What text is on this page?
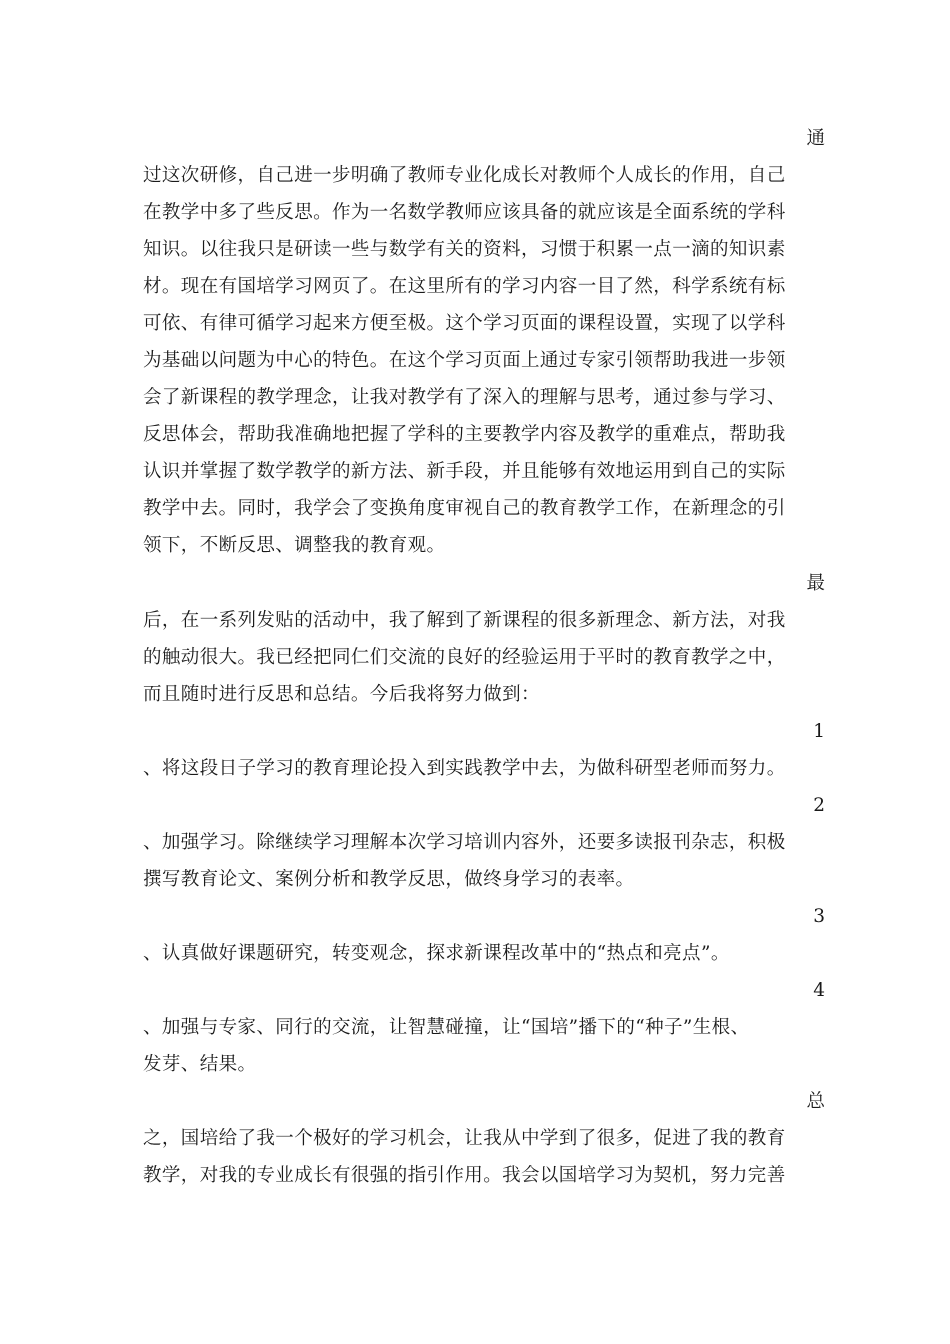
通
过这次研修，自己进一步明确了教师专业化成长对教师个人成长的作用，自己
在教学中多了些反思。作为一名数学教师应该具备的就应该是全面系统的学科
知识。以往我只是研读一些与数学有关的资料，习惯于积累一点一滴的知识素
材。现在有国培学习网页了。在这里所有的学习内容一目了然，科学系统有标
可依、有律可循学习起来方便至极。这个学习页面的课程设置，实现了以学科
为基础以问题为中心的特色。在这个学习页面上通过专家引领帮助我进一步领
会了新课程的教学理念，让我对教学有了深入的理解与思考，通过参与学习、
反思体会，帮助我准确地把握了学科的主要教学内容及教学的重难点，帮助我
认识并掌握了数学教学的新方法、新手段，并且能够有效地运用到自己的实际
教学中去。同时，我学会了变换角度审视自己的教育教学工作，在新理念的引
领下，不断反思、调整我的教育观。
最
后，在一系列发贴的活动中，我了解到了新课程的很多新理念、新方法，对我
的触动很大。我已经把同仁们交流的良好的经验运用于平时的教育教学之中，
而且随时进行反思和总结。今后我将努力做到：
1
、将这段日子学习的教育理论投入到实践教学中去，为做科研型老师而努力。
2
、加强学习。除继续学习理解本次学习培训内容外，还要多读报刊杂志，积极
撰写教育论文、案例分析和教学反思，做终身学习的表率。
3
、认真做好课题研究，转变观念，探求新课程改革中的“热点和亮点”。
4
、加强与专家、同行的交流，让智慧碰撞，让“国培”播下的“种子”生根、
发芽、结果。
总
之，国培给了我一个极好的学习机会，让我从中学到了很多，促进了我的教育
教学，对我的专业成长有很强的指引作用。我会以国培学习为契机，努力完善
